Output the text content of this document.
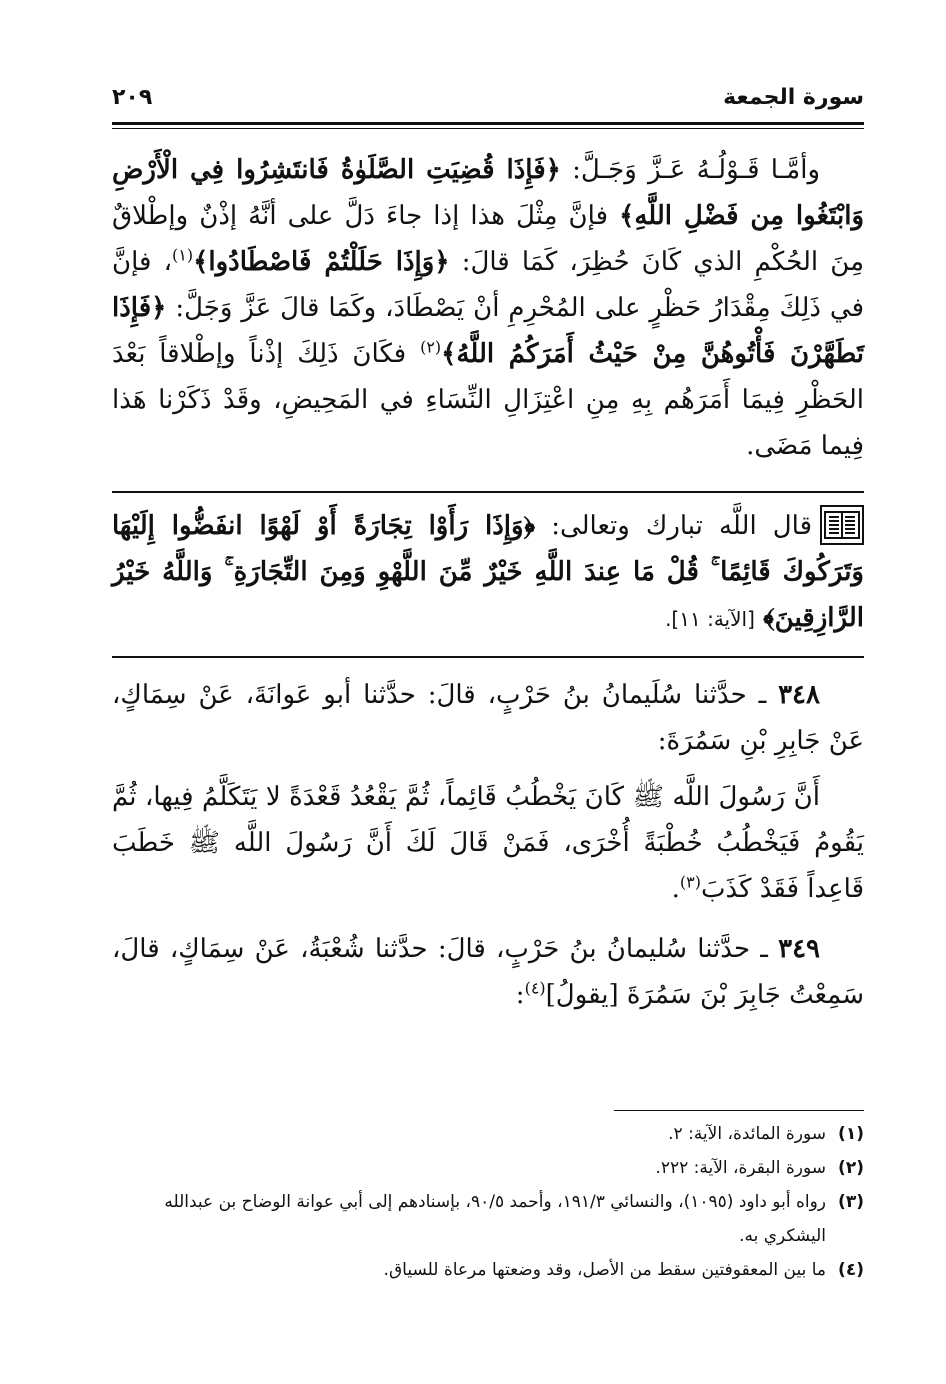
سورة الجمعة
٢٠٩

وأمَّـا قَـوْلُـهُ عَـزَّ وَجَـلَّ: ﴿فَإِذَا قُضِيَتِ الصَّلَوٰةُ فَانتَشِرُوا فِي الْأَرْضِ وَابْتَغُوا مِن فَضْلِ اللَّهِ﴾ فإنَّ مِثْلَ هذا إذا جاءَ دَلَّ على أنَّهُ إذْنٌ وإطْلاقٌ مِنَ الحُكْمِ الذي كَانَ حُظِرَ، كَمَا قالَ: ﴿وَإِذَا حَلَلْتُمْ فَاصْطَادُوا﴾$^{(١)}$، فإنَّ في ذَلِكَ مِقْدَارُ حَظْرٍ على المُحْرِمِ أنْ يَصْطَادَ، وكَمَا قالَ عَزَّ وَجَلَّ: ﴿فَإِذَا تَطَهَّرْنَ فَأْتُوهُنَّ مِنْ حَيْثُ أَمَرَكُمُ اللَّهُ﴾$^{(٢)}$ فكَانَ ذَلِكَ إذْناً وإطْلاقاً بَعْدَ الحَظْرِ فِيمَا أَمَرَهُم بِهِ مِنِ اعْتِزَالِ النِّسَاءِ في المَحِيضِ، وقَدْ ذَكَرْنا هَذا فِيما مَضَى.

قال اللَّه تبارك وتعالى: ﴿وَإِذَا رَأَوْا تِجَارَةً أَوْ لَهْوًا انفَضُّوا إِلَيْهَا وَتَرَكُوكَ قَائِمًا ۚ قُلْ مَا عِندَ اللَّهِ خَيْرٌ مِّنَ اللَّهْوِ وَمِنَ التِّجَارَةِ ۚ وَاللَّهُ خَيْرُ الرَّازِقِينَ﴾ [الآية: ١١].

٣٤٨ ـ حدَّثنا سُلَيمانُ بنُ حَرْبٍ، قالَ: حدَّثنا أبو عَوانَةَ، عَنْ سِمَاكٍ، عَنْ جَابِرِ بْنِ سَمُرَةَ:

أَنَّ رَسُولَ اللَّه ﷺ كَانَ يَخْطُبُ قَائِماً، ثُمَّ يَقْعُدُ قَعْدَةً لا يَتَكَلَّمُ فِيها، ثُمَّ يَقُومُ فَيَخْطُبُ خُطْبَةً أُخْرَى، فَمَنْ قَالَ لَكَ أَنَّ رَسُولَ اللَّه ﷺ خَطَبَ قَاعِداً فَقَدْ كَذَبَ$^{(٣)}$.

٣٤٩ ـ حدَّثنا سُليمانُ بنُ حَرْبٍ، قالَ: حدَّثنا شُعْبَةُ، عَنْ سِمَاكٍ، قالَ، سَمِعْتُ جَابِرَ بْنَ سَمُرَةَ [يقولُ]$^{(٤)}$:

(١)
سورة المائدة، الآية: ٢.
(٢)
سورة البقرة، الآية: ٢٢٢.
(٣)
رواه أبو داود (١٠٩٥)، والنسائي ١٩١/٣، وأحمد ٩٠/٥، بإسنادهم إلى أبي عوانة الوضاح بن عبدالله اليشكري به.
(٤)
ما بين المعقوفتين سقط من الأصل، وقد وضعتها مرعاة للسياق.
